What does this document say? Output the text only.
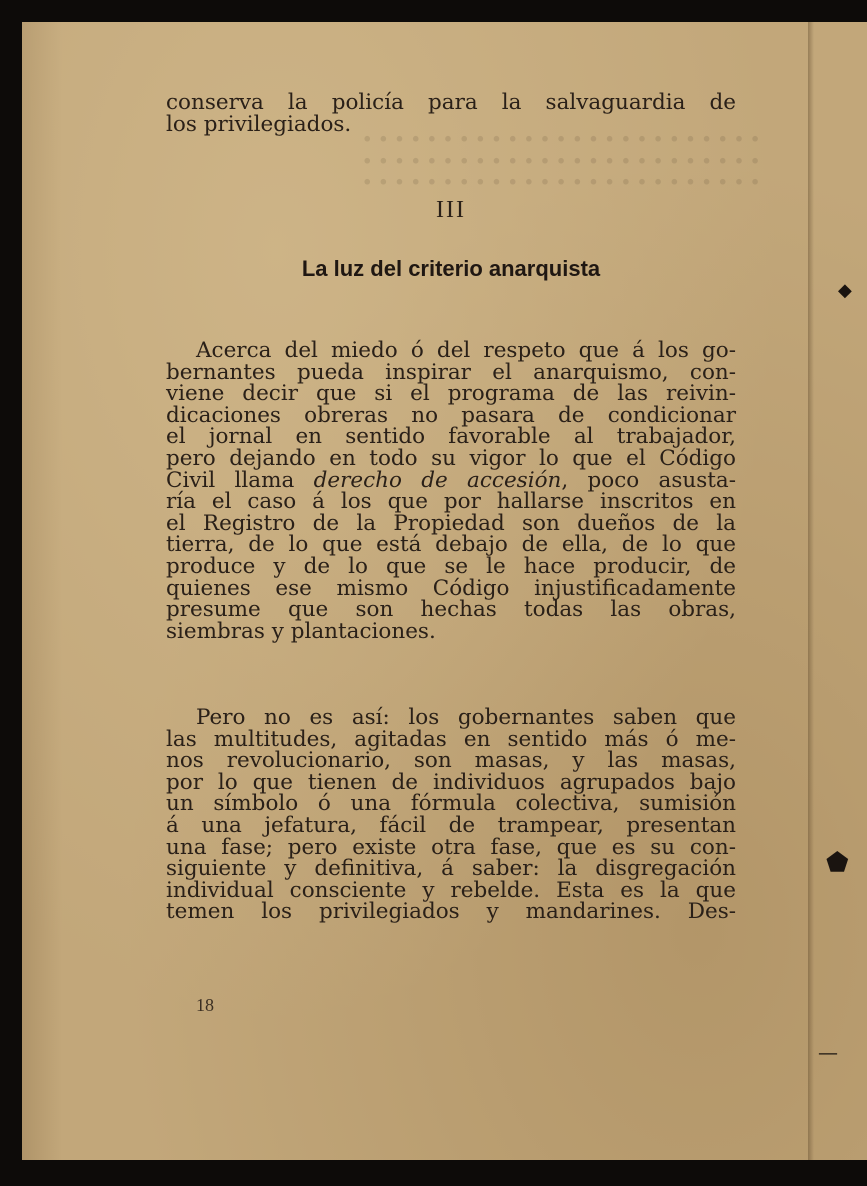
∙ ∙ ∙ ∙ ∙ ∙ ∙ ∙ ∙ ∙ ∙ ∙ ∙ ∙ ∙ ∙ ∙ ∙ ∙ ∙ ∙ ∙ ∙ ∙ ∙
∙ ∙ ∙ ∙ ∙ ∙ ∙ ∙ ∙ ∙ ∙ ∙ ∙ ∙ ∙ ∙ ∙ ∙ ∙ ∙ ∙ ∙ ∙ ∙ ∙
∙ ∙ ∙ ∙ ∙ ∙ ∙ ∙ ∙ ∙ ∙ ∙ ∙ ∙ ∙ ∙ ∙ ∙ ∙ ∙ ∙ ∙ ∙ ∙ ∙
conserva la policía para la salvaguardia de
los privilegiados.
III
La luz del criterio anarquista
Acerca del miedo ó del respeto que á los go-
bernantes pueda inspirar el anarquismo, con-
viene decir que si el programa de las reivin-
dicaciones obreras no pasara de condicionar
el jornal en sentido favorable al trabajador,
pero dejando en todo su vigor lo que el Código
Civil llama derecho de accesión, poco asusta-
ría el caso á los que por hallarse inscritos en
el Registro de la Propiedad son dueños de la
tierra, de lo que está debajo de ella, de lo que
produce y de lo que se le hace producir, de
quienes ese mismo Código injustificadamente
presume que son hechas todas las obras,
siembras y plantaciones.
Pero no es así: los gobernantes saben que
las multitudes, agitadas en sentido más ó me-
nos revolucionario, son masas, y las masas,
por lo que tienen de individuos agrupados bajo
un símbolo ó una fórmula colectiva, sumisión
á una jefatura, fácil de trampear, presentan
una fase; pero existe otra fase, que es su con-
siguiente y definitiva, á saber: la disgregación
individual consciente y rebelde. Esta es la que
temen los privilegiados y mandarines. Des-
18
◆
⬟
—
